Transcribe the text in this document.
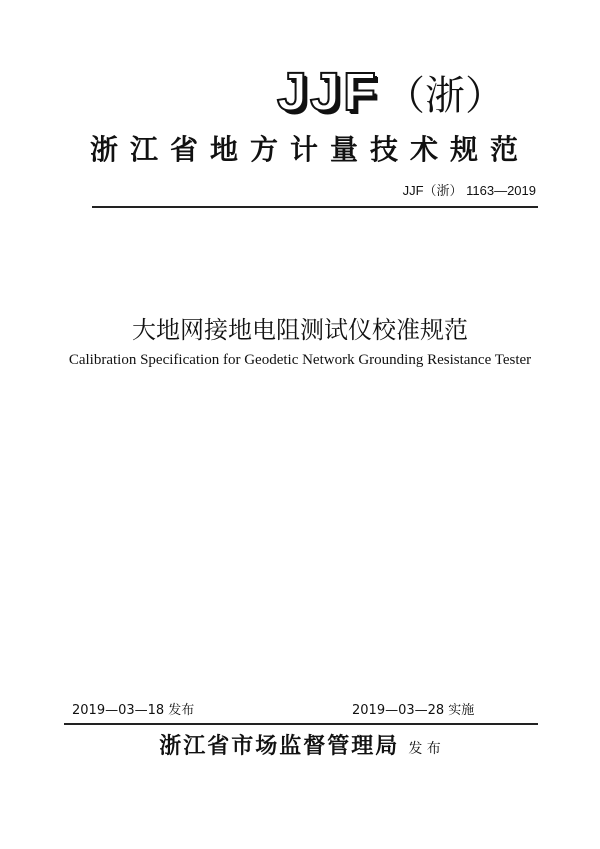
JJF （浙）
浙江省地方计量技术规范
JJF（浙） 1163—2019
大地网接地电阻测试仪校准规范
Calibration Specification for Geodetic Network Grounding Resistance Tester
2019—03—18 发布	2019—03—28 实施
浙江省市场监督管理局 发 布
